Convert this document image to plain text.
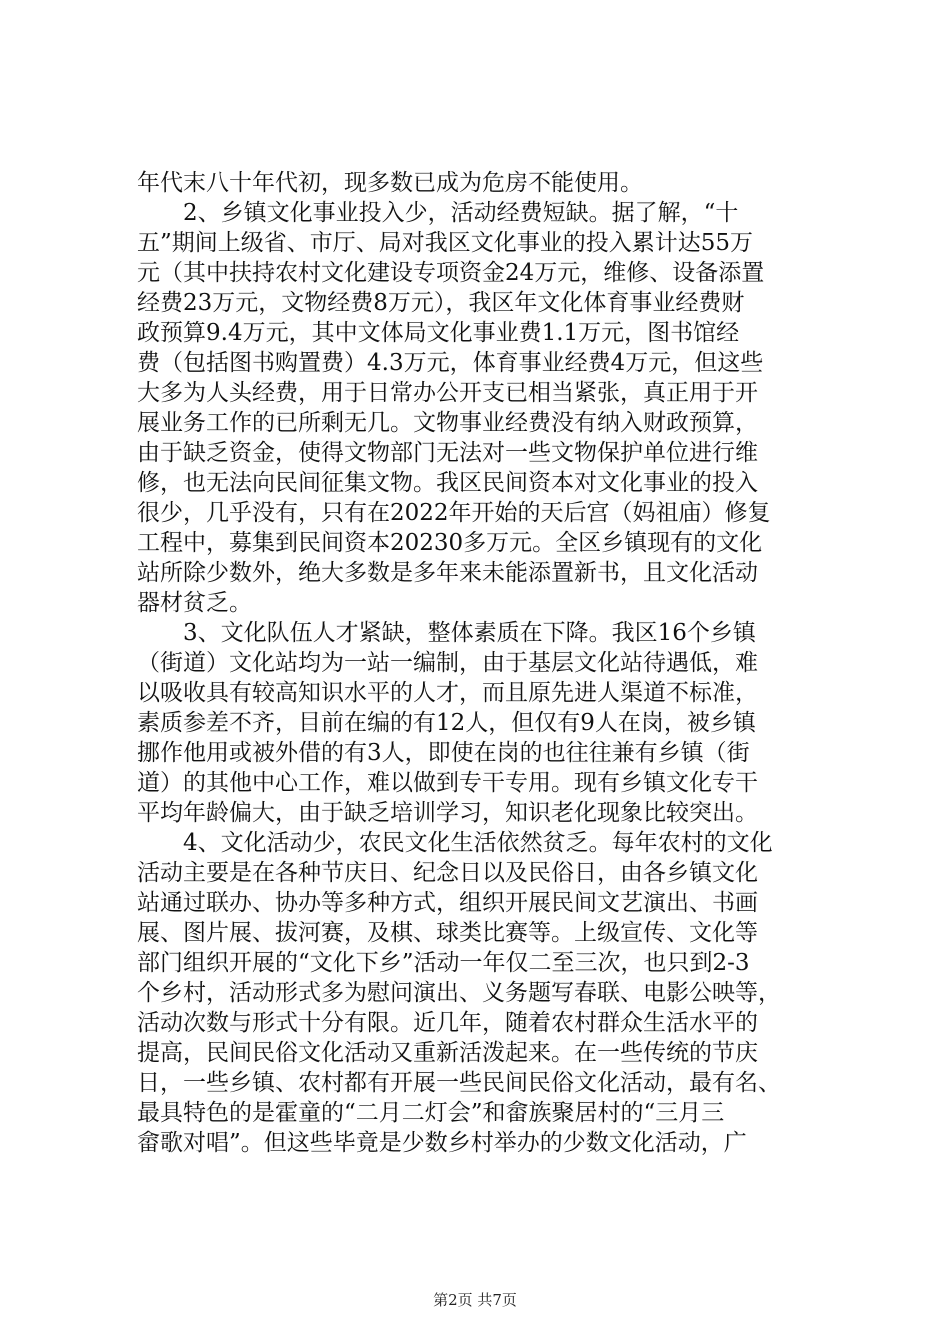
年代末八十年代初，现多数已成为危房不能使用。
2、乡镇文化事业投入少，活动经费短缺。据了解，“十
五”期间上级省、市厅、局对我区文化事业的投入累计达55万
元（其中扶持农村文化建设专项资金24万元，维修、设备添置
经费23万元，文物经费8万元），我区年文化体育事业经费财
政预算9.4万元，其中文体局文化事业费1.1万元，图书馆经
费（包括图书购置费）4.3万元，体育事业经费4万元，但这些
大多为人头经费，用于日常办公开支已相当紧张，真正用于开
展业务工作的已所剩无几。文物事业经费没有纳入财政预算，
由于缺乏资金，使得文物部门无法对一些文物保护单位进行维
修，也无法向民间征集文物。我区民间资本对文化事业的投入
很少，几乎没有，只有在2022年开始的天后宫（妈祖庙）修复
工程中，募集到民间资本20230多万元。全区乡镇现有的文化
站所除少数外，绝大多数是多年来未能添置新书，且文化活动
器材贫乏。
3、文化队伍人才紧缺，整体素质在下降。我区16个乡镇
（街道）文化站均为一站一编制，由于基层文化站待遇低，难
以吸收具有较高知识水平的人才，而且原先进人渠道不标准，
素质参差不齐，目前在编的有12人，但仅有9人在岗，被乡镇
挪作他用或被外借的有3人，即使在岗的也往往兼有乡镇（街
道）的其他中心工作，难以做到专干专用。现有乡镇文化专干
平均年龄偏大，由于缺乏培训学习，知识老化现象比较突出。
4、文化活动少，农民文化生活依然贫乏。每年农村的文化
活动主要是在各种节庆日、纪念日以及民俗日，由各乡镇文化
站通过联办、协办等多种方式，组织开展民间文艺演出、书画
展、图片展、拔河赛，及棋、球类比赛等。上级宣传、文化等
部门组织开展的“文化下乡”活动一年仅二至三次，也只到2-3
个乡村，活动形式多为慰问演出、义务题写春联、电影公映等，
活动次数与形式十分有限。近几年，随着农村群众生活水平的
提高，民间民俗文化活动又重新活泼起来。在一些传统的节庆
日，一些乡镇、农村都有开展一些民间民俗文化活动，最有名、
最具特色的是霍童的“二月二灯会”和畲族聚居村的“三月三
畲歌对唱”。但这些毕竟是少数乡村举办的少数文化活动，广
第2页 共7页
